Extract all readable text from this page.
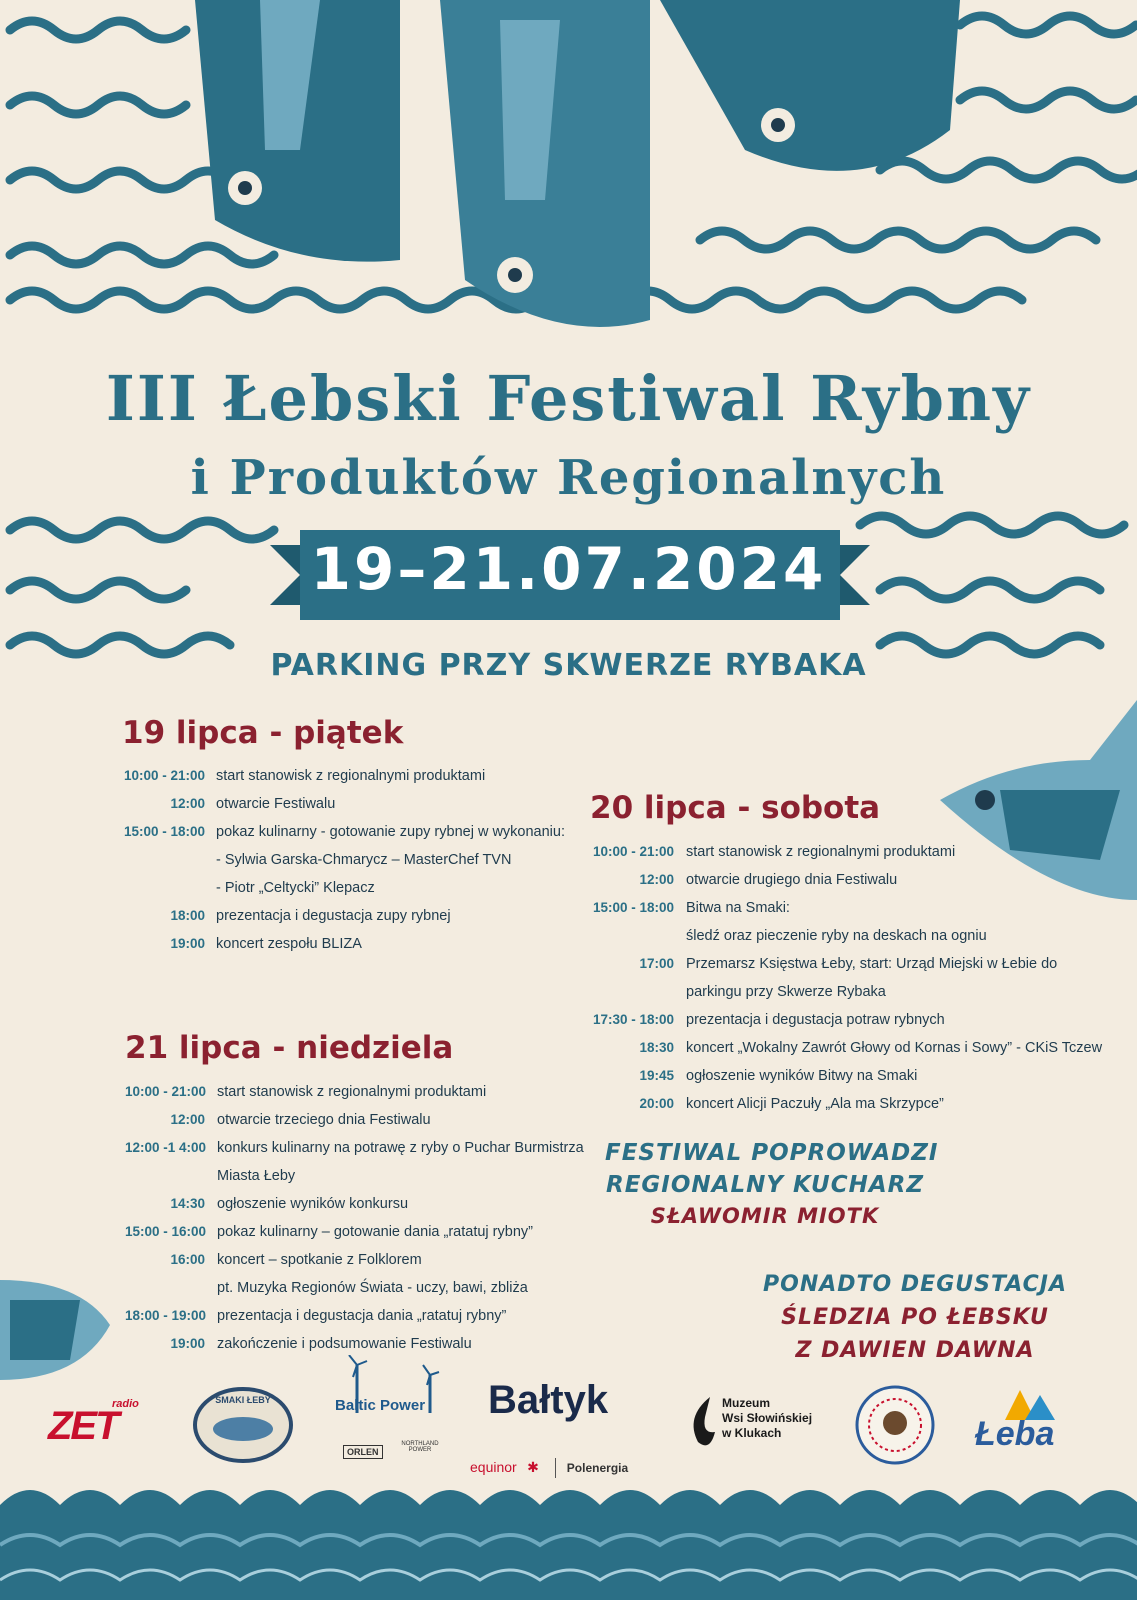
III Łebski Festiwal Rybny
i Produktów Regionalnych
19–21.07.2024
PARKING PRZY SKWERZE RYBAKA
19 lipca - piątek
10:00 - 21:00 start stanowisk z regionalnymi produktami
12:00 otwarcie Festiwalu
15:00 - 18:00 pokaz kulinarny - gotowanie zupy rybnej w wykonaniu:
- Sylwia Garska-Chmarycz – MasterChef TVN
- Piotr „Celtycki” Klepacz
18:00 prezentacja i degustacja zupy rybnej
19:00 koncert zespołu BLIZA
20 lipca - sobota
10:00 - 21:00 start stanowisk z regionalnymi produktami
12:00 otwarcie drugiego dnia Festiwalu
15:00 - 18:00 Bitwa na Smaki:
śledź oraz pieczenie ryby na deskach na ogniu
17:00 Przemarsz Księstwa Łeby, start: Urząd Miejski w Łebie do
parkingu przy Skwerze Rybaka
17:30 - 18:00 prezentacja i degustacja potraw rybnych
18:30 koncert „Wokalny Zawrót Głowy od Kornas i Sowy” - CKiS Tczew
19:45 ogłoszenie wyników Bitwy na Smaki
20:00 koncert Alicji Paczuły „Ala ma Skrzypce”
21 lipca - niedziela
10:00 - 21:00 start stanowisk z regionalnymi produktami
12:00 otwarcie trzeciego dnia Festiwalu
12:00 -1 4:00 konkurs kulinarny na potrawę z ryby o Puchar Burmistrza
Miasta Łeby
14:30 ogłoszenie wyników konkursu
15:00 - 16:00 pokaz kulinarny – gotowanie dania „ratatuj rybny”
16:00 koncert – spotkanie z Folklorem
pt. Muzyka Regionów Świata - uczy, bawi, zbliża
18:00 - 19:00 prezentacja i degustacja dania „ratatuj rybny”
19:00 zakończenie i podsumowanie Festiwalu
FESTIWAL POPROWADZI
REGIONALNY KUCHARZ
SŁAWOMIR MIOTK
PONADTO DEGUSTACJA
ŚLEDZIA PO ŁEBSKU
Z DAWIEN DAWNA
radio
ZET
SMAKI ŁEBY	Baltic Power
ORLEN
NORTHLAND POWER
Bałtyk
equinor ✱ Polenergia
Muzeum
Wsi Słowińskiej
w Klukach	Łeba
